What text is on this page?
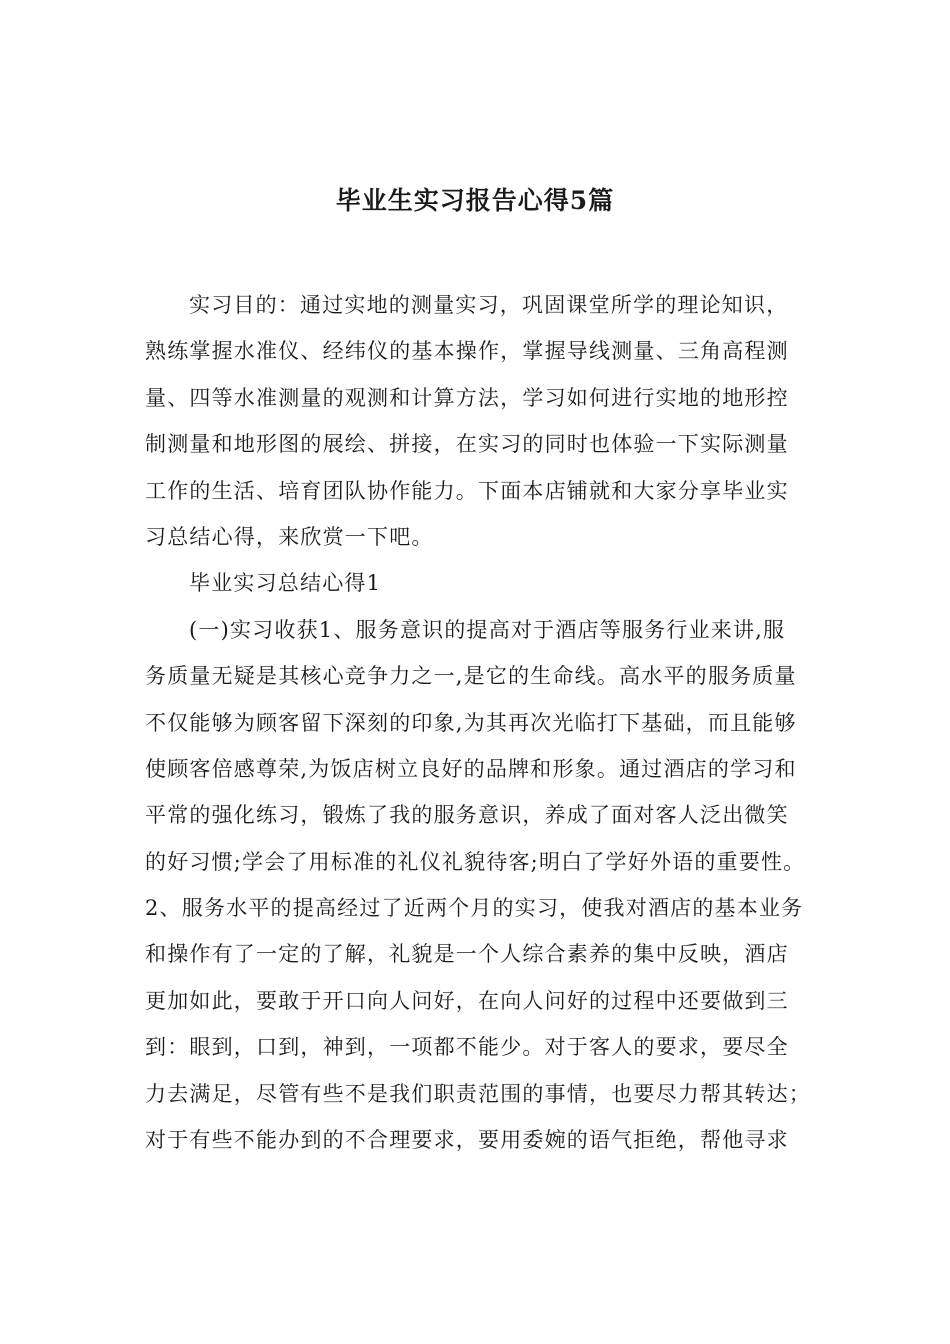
毕业生实习报告心得5篇
实习目的：通过实地的测量实习，巩固课堂所学的理论知识，
熟练掌握水准仪、经纬仪的基本操作，掌握导线测量、三角高程测
量、四等水准测量的观测和计算方法，学习如何进行实地的地形控
制测量和地形图的展绘、拼接，在实习的同时也体验一下实际测量
工作的生活、培育团队协作能力。下面本店铺就和大家分享毕业实
习总结心得，来欣赏一下吧。
毕业实习总结心得1
(一)实习收获1、服务意识的提高对于酒店等服务行业来讲,服
务质量无疑是其核心竞争力之一,是它的生命线。高水平的服务质量
不仅能够为顾客留下深刻的印象,为其再次光临打下基础，而且能够
使顾客倍感尊荣,为饭店树立良好的品牌和形象。通过酒店的学习和
平常的强化练习，锻炼了我的服务意识，养成了面对客人泛出微笑
的好习惯;学会了用标准的礼仪礼貌待客;明白了学好外语的重要性。
2、服务水平的提高经过了近两个月的实习，使我对酒店的基本业务
和操作有了一定的了解，礼貌是一个人综合素养的集中反映，酒店
更加如此，要敢于开口向人问好，在向人问好的过程中还要做到三
到：眼到，口到，神到，一项都不能少。对于客人的要求，要尽全
力去满足，尽管有些不是我们职责范围的事情，也要尽力帮其转达；
对于有些不能办到的不合理要求，要用委婉的语气拒绝，帮他寻求
